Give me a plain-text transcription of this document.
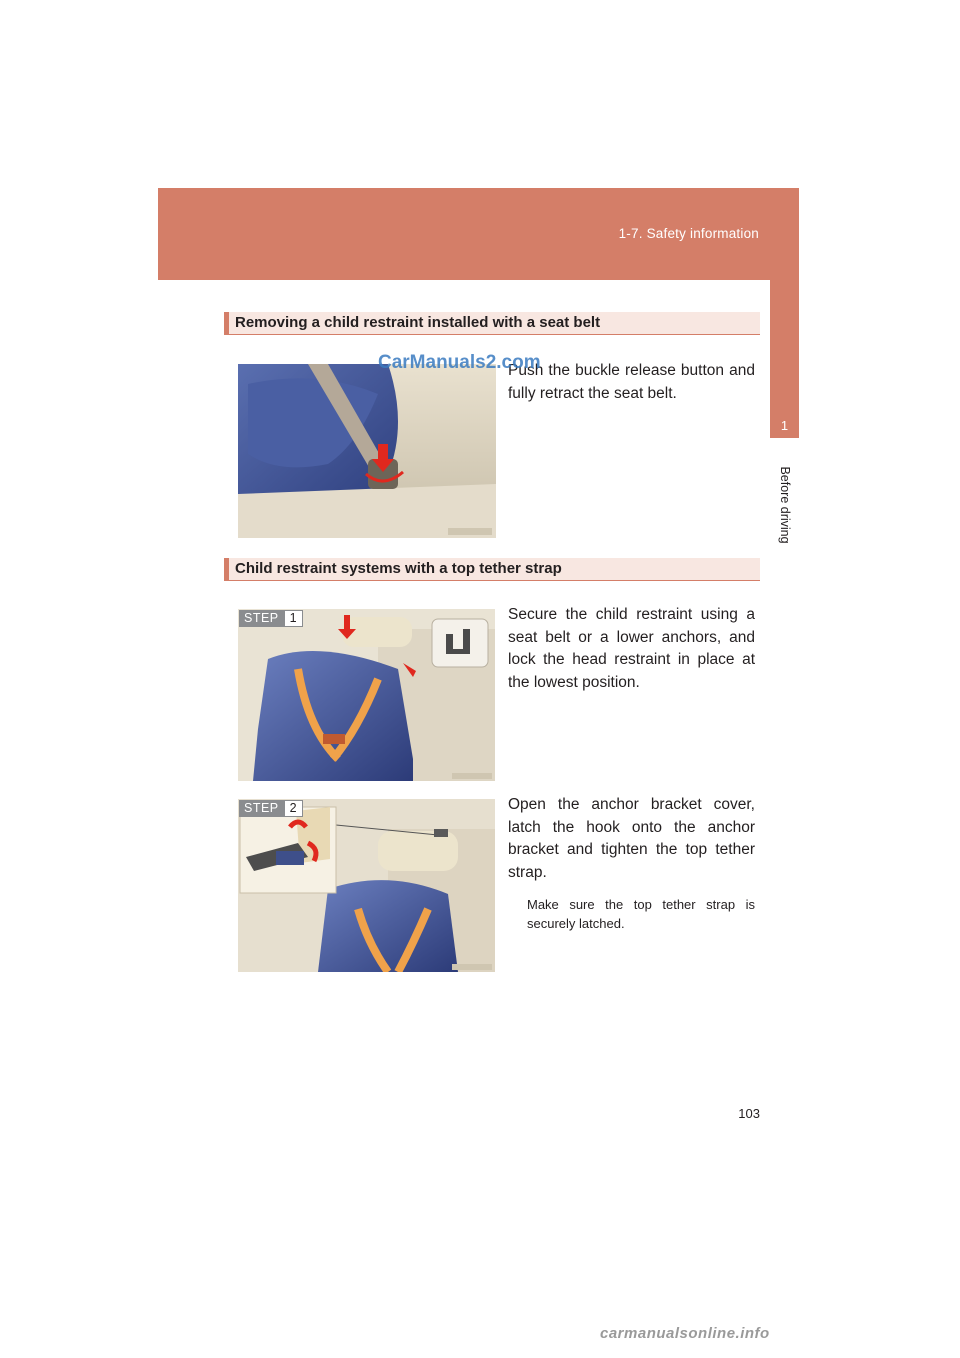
1-7. Safety information
1
Before driving
Removing a child restraint installed with a seat belt
Push the buckle release button and fully retract the seat belt.
CarManuals2.com
Child restraint systems with a top tether strap
STEP 1	Secure the child restraint using a seat belt or a lower anchors, and lock the head restraint in place at the lowest position.
STEP 2	Open the anchor bracket cover, latch the hook onto the anchor bracket and tighten the top tether strap.
Make sure the top tether strap is securely latched.
103
carmanualsonline.info
